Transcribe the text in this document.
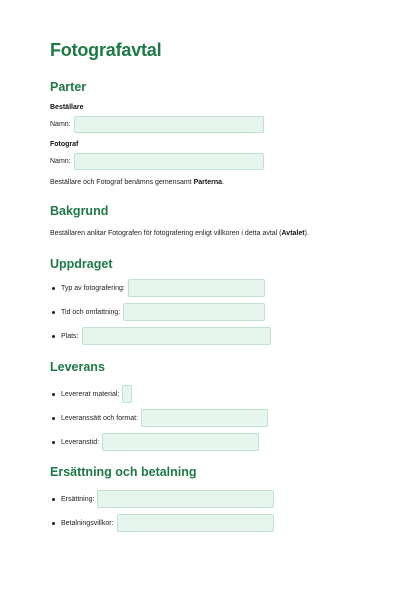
Fotografavtal
Parter
Beställare
Namn:
Fotograf
Namn:
Beställare och Fotograf benämns gemensamt Parterna.
Bakgrund
Beställaren anlitar Fotografen för fotografering enligt villkoren i detta avtal (Avtalet).
Uppdraget
Typ av fotografering:
Tid och omfattning:
Plats:
Leverans
Levererat material:
Leveranssätt och format:
Leveranstid:
Ersättning och betalning
Ersättning:
Betalningsvillkor:
